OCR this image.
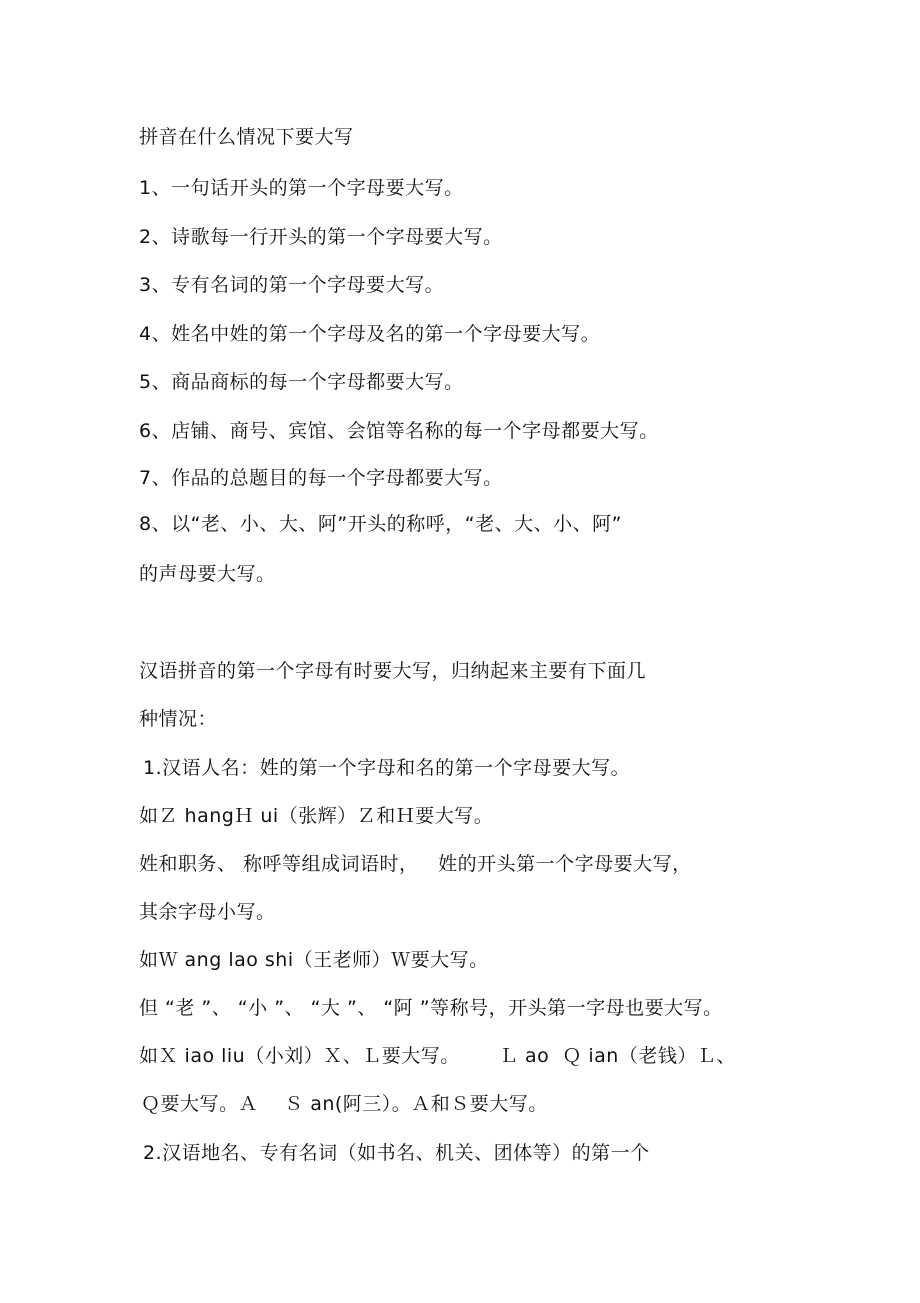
拼音在什么情况下要大写
1、一句话开头的第一个字母要大写。
2、诗歌每一行开头的第一个字母要大写。
3、专有名词的第一个字母要大写。
4、姓名中姓的第一个字母及名的第一个字母要大写。
5、商品商标的每一个字母都要大写。
6、店铺、商号、宾馆、会馆等名称的每一个字母都要大写。
7、作品的总题目的每一个字母都要大写。
8、以“老、小、大、阿”开头的称呼，“老、大、小、阿”
的声母要大写。
汉语拼音的第一个字母有时要大写，归纳起来主要有下面几
种情况：
1.汉语人名：姓的第一个字母和名的第一个字母要大写。
如Ｚ hangＨ ui（张辉）Ｚ和Ｈ要大写。
姓和职务、 称呼等组成词语时，   姓的开头第一个字母要大写，
其余字母小写。
如Ｗ ang lao shi（王老师）Ｗ要大写。
但 “老 ”、 “小 ”、 “大 ”、 “阿 ”等称号，开头第一字母也要大写。
如Ｘ iao liu（小刘）Ｘ、Ｌ要大写。      Ｌ ao  Ｑ ian（老钱）Ｌ、
Ｑ要大写。Ａ    Ｓ an(阿三）。Ａ和Ｓ要大写。
2.汉语地名、专有名词（如书名、机关、团体等）的第一个
